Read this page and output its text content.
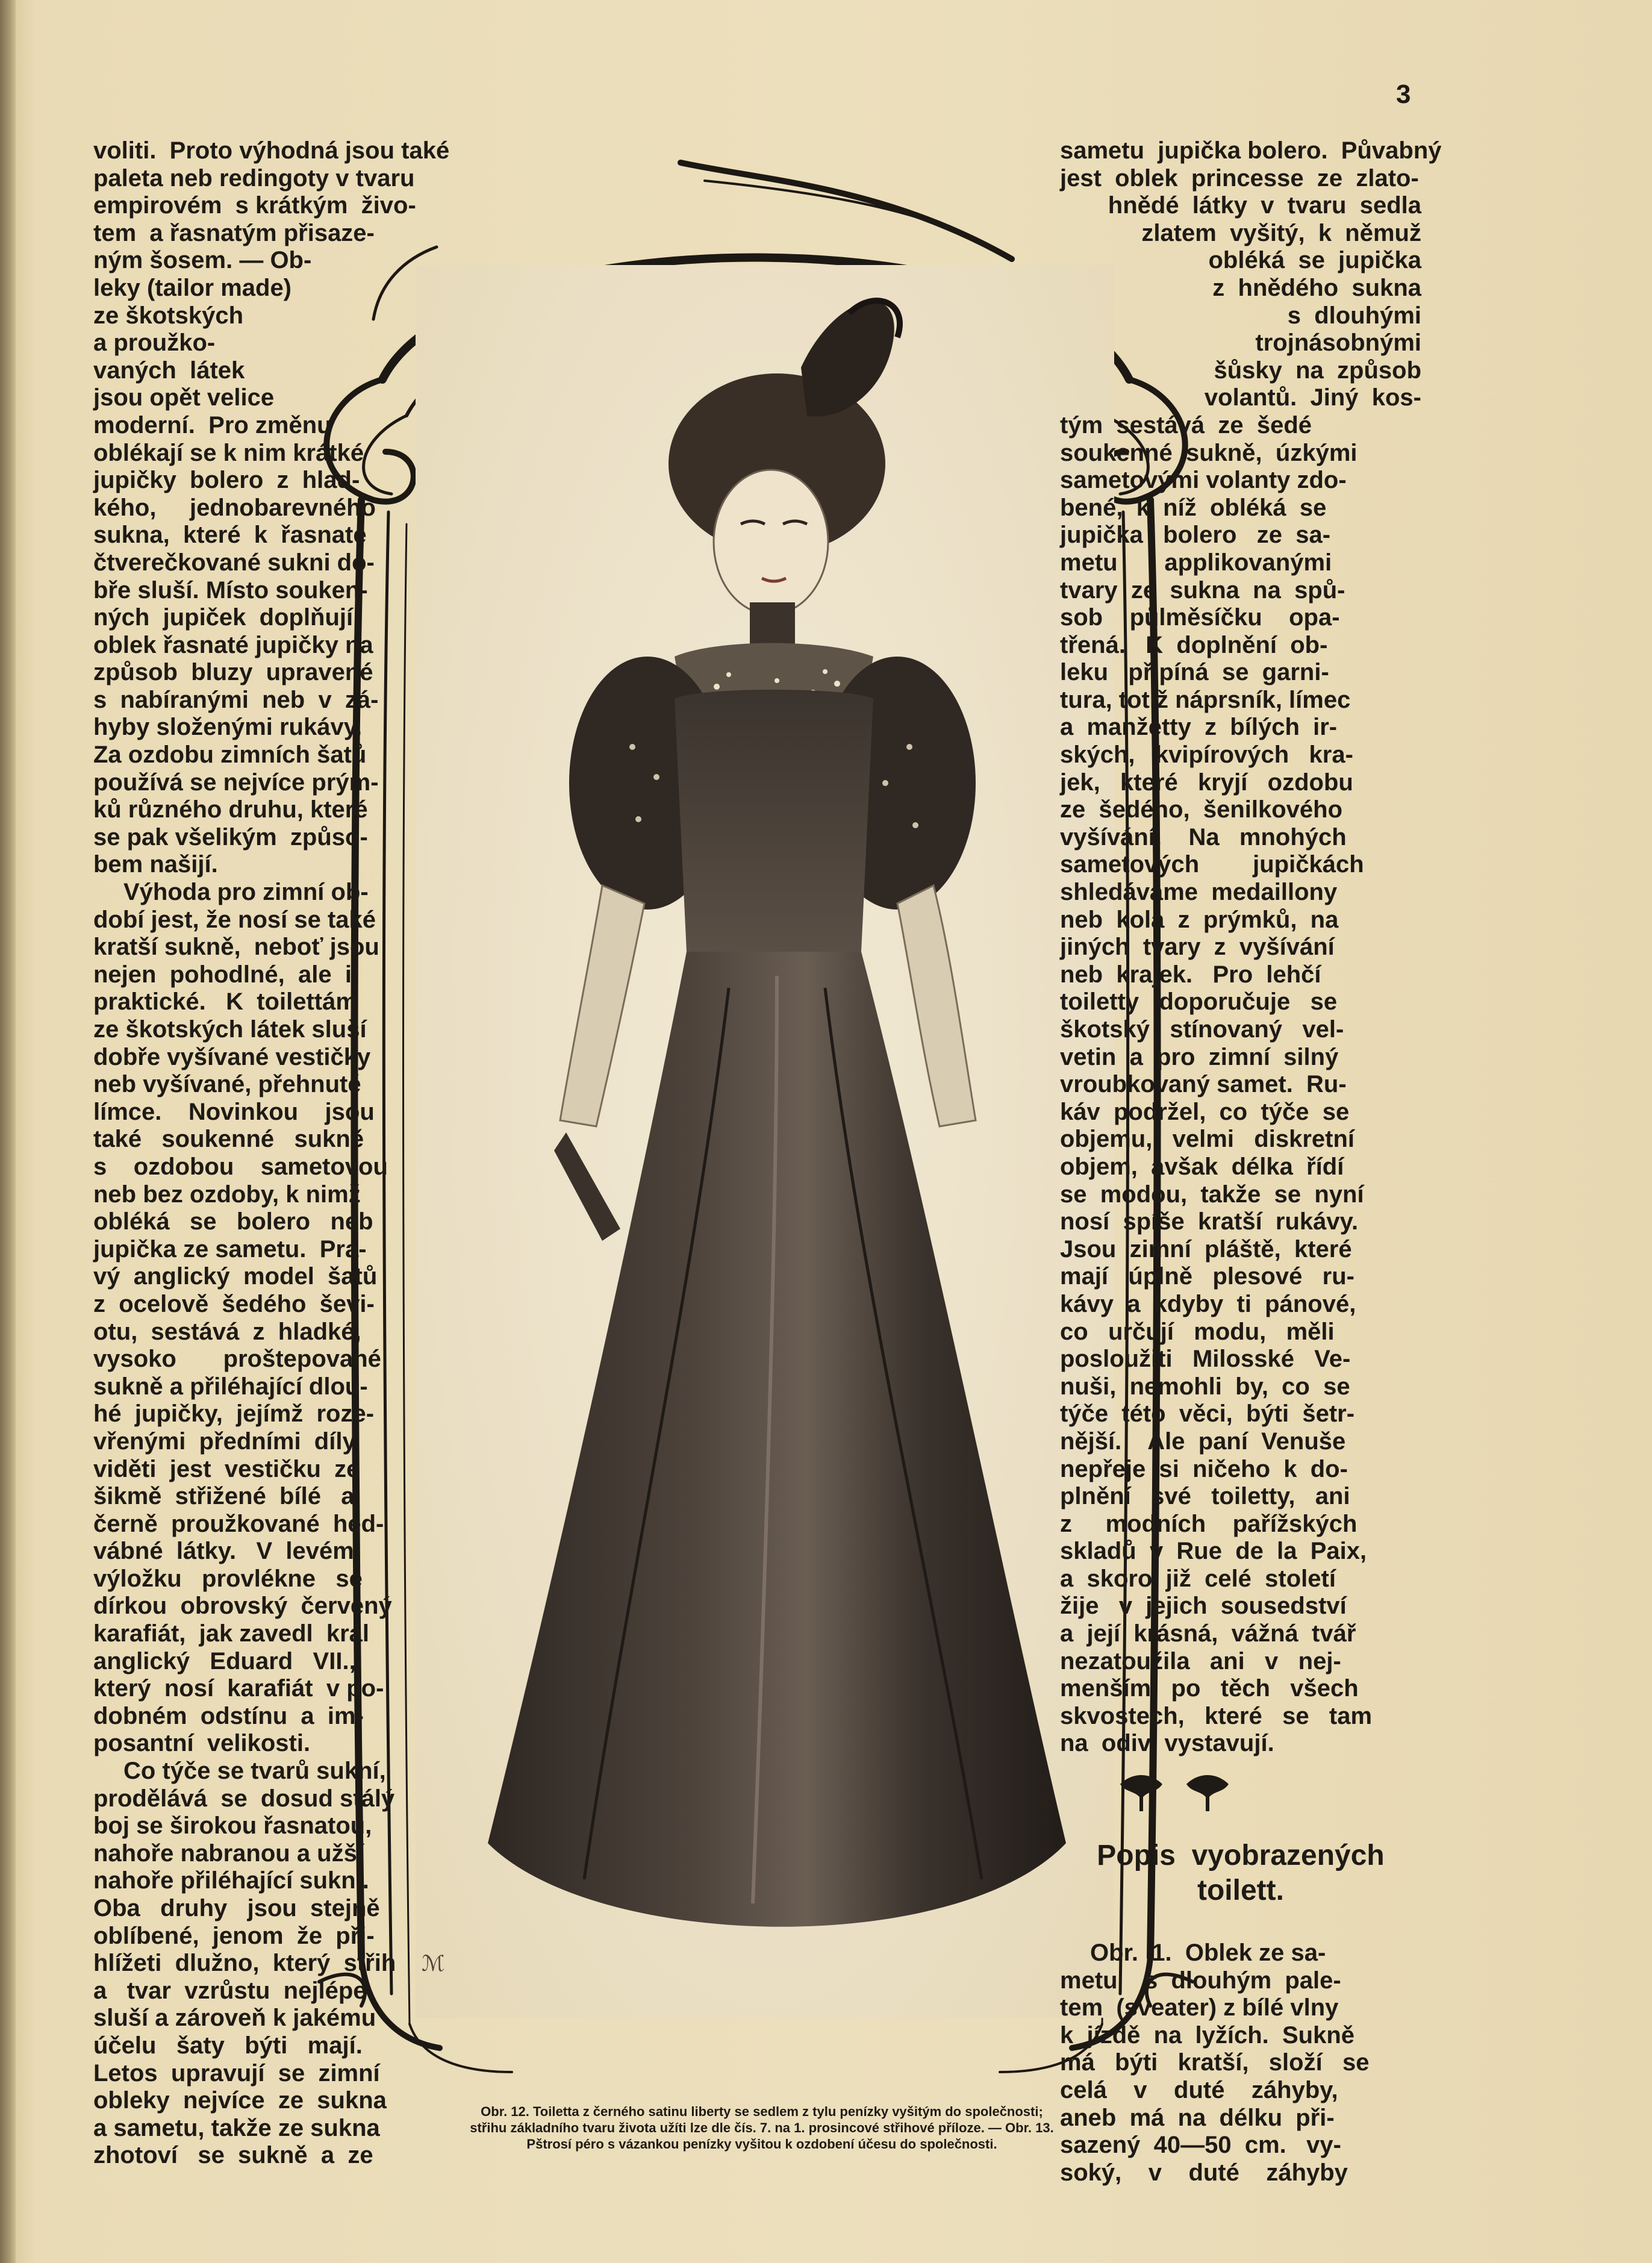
3
ℳ
voliti.  Proto výhodná jsou také
paleta neb redingoty v tvaru
empirovém  s krátkým  živo-
tem  a řasnatým přisaze-
ným šosem. — Ob-
leky (tailor made)
ze škotských
a proužko-
vaných  látek
jsou opět velice
moderní.  Pro změnu
oblékají se k nim krátké
jupičky  bolero  z  hlad-
kého,     jednobarevného
sukna,  které  k  řasnaté
čtverečkované sukni do-
bře sluší. Místo souken-
ných  jupiček  doplňují
oblek řasnaté jupičky na
způsob  bluzy  upravené
s  nabíranými  neb  v  zá-
hyby složenými rukávy.
Za ozdobu zimních šatů
používá se nejvíce prým-
ků různého druhu, které
se pak všelikým  způso-
bem našijí.
Výhoda pro zimní ob-
dobí jest, že nosí se také
kratší sukně,  neboť jsou
nejen  pohodlné,  ale  i
praktické.   K  toilettám
ze škotských látek sluší
dobře vyšívané vestičky
neb vyšívané, přehnuté
límce.    Novinkou    jsou
také   soukenné   sukně
s    ozdobou    sametovou
neb bez ozdoby, k nimž
obléká   se   bolero   neb
jupička ze sametu.  Pra-
vý  anglický  model  šatů
z  ocelově  šedého  ševi-
otu,  sestává  z  hladké,
vysoko       proštepované
sukně a přiléhající dlou-
hé  jupičky,  jejímž  roze-
vřenými  předními  díly
viděti  jest  vestičku  ze
šikmě  střižené  bílé   a
černě  proužkované  hed-
vábné  látky.   V  levém
výložku   provlékne   se
dírkou  obrovský  červený
karafiát,  jak zavedl  král
anglický   Eduard   VII.,
který  nosí  karafiát  v po-
dobném  odstínu  a  im-
posantní  velikosti.
Co týče se tvarů sukní,
prodělává  se  dosud stálý
boj se širokou řasnatou,
nahoře nabranou a užší
nahoře přiléhající sukní.
Oba   druhy   jsou  stejně
oblíbené,  jenom  že  při-
hlížeti  dlužno,  který  střih
a   tvar  vzrůstu  nejlépe
sluší a zároveň k jakému
účelu   šaty   býti   mají.
Letos  upravují  se  zimní
obleky  nejvíce  ze  sukna
a sametu, takže ze sukna
zhotoví   se  sukně  a  ze
sametu  jupička bolero.  Půvabný
jest  oblek  princesse  ze  zlato-
hnědé  látky  v  tvaru  sedla
zlatem  vyšitý,  k  němuž
obléká  se  jupička
z  hnědého  sukna
s  dlouhými
trojnásobnými
šůsky  na  způsob
volantů.  Jiný  kos-
tým  sestává  ze  šedé
soukenné  sukně,  úzkými
sametovými volanty zdo-
bené,  k  níž  obléká  se
jupička   bolero   ze  sa-
metu       applikovanými
tvary  ze  sukna  na  spů-
sob    půlměsíčku    opa-
třená.   K  doplnění  ob-
leku   připíná  se  garni-
tura, totiž náprsník, límec
a  manžetty  z  bílých  ir-
ských,   kvipírových   kra-
jek,   které   kryjí   ozdobu
ze  šedého,  šenilkového
vyšívání.    Na   mnohých
sametových        jupičkách
shledáváme  medaillony
neb  kola  z  prýmků,  na
jiných  tvary  z  vyšívání
neb  krajek.   Pro  lehčí
toiletty   doporučuje   se
škotský   stínovaný   vel-
vetin  a  pro  zimní  silný
vroubkovaný samet.  Ru-
káv  podržel,  co  týče  se
objemu,   velmi   diskretní
objem,  avšak  délka  řídí
se  modou,  takže  se  nyní
nosí  spíše  kratší  rukávy.
Jsou  zimní  pláště,  které
mají   úplně   plesové   ru-
kávy  a  kdyby  ti  pánové,
co   určují   modu,   měli
posloužiti   Milosské   Ve-
nuši,  nemohli  by,  co  se
týče  této  věci,  býti  šetr-
nější.    Ale  paní  Venuše
nepřeje  si  ničeho  k  do-
plnění   své   toiletty,   ani
z     modních    pařížských
skladů  v  Rue  de  la  Paix,
a  skoro  již  celé  století
žije   v  jejich  sousedství
a  její  krásná,  vážná  tvář
nezatoužila   ani   v   nej-
menším   po   těch   všech
skvostech,   které   se   tam
na  odiv  vystavují.
Popis  vyobrazených
toilett.
Obr.  1.  Oblek ze sa-
metu    s  dlouhým  pale-
tem  (sveater) z bílé vlny
k  jízdě  na  lyžích.  Sukně
má   býti   kratší,   složí   se
celá    v    duté    záhyby,
aneb  má  na  délku  při-
sazený  40—50  cm.   vy-
soký,    v    duté    záhyby
Obr. 12. Toiletta z černého satinu liberty se sedlem z tylu penízky vyšitým do společnosti;
střihu základního tvaru života užíti lze dle čís. 7. na 1. prosincové střihové příloze. — Obr. 13.
Pštrosí péro s vázankou penízky vyšitou k ozdobení účesu do společnosti.
